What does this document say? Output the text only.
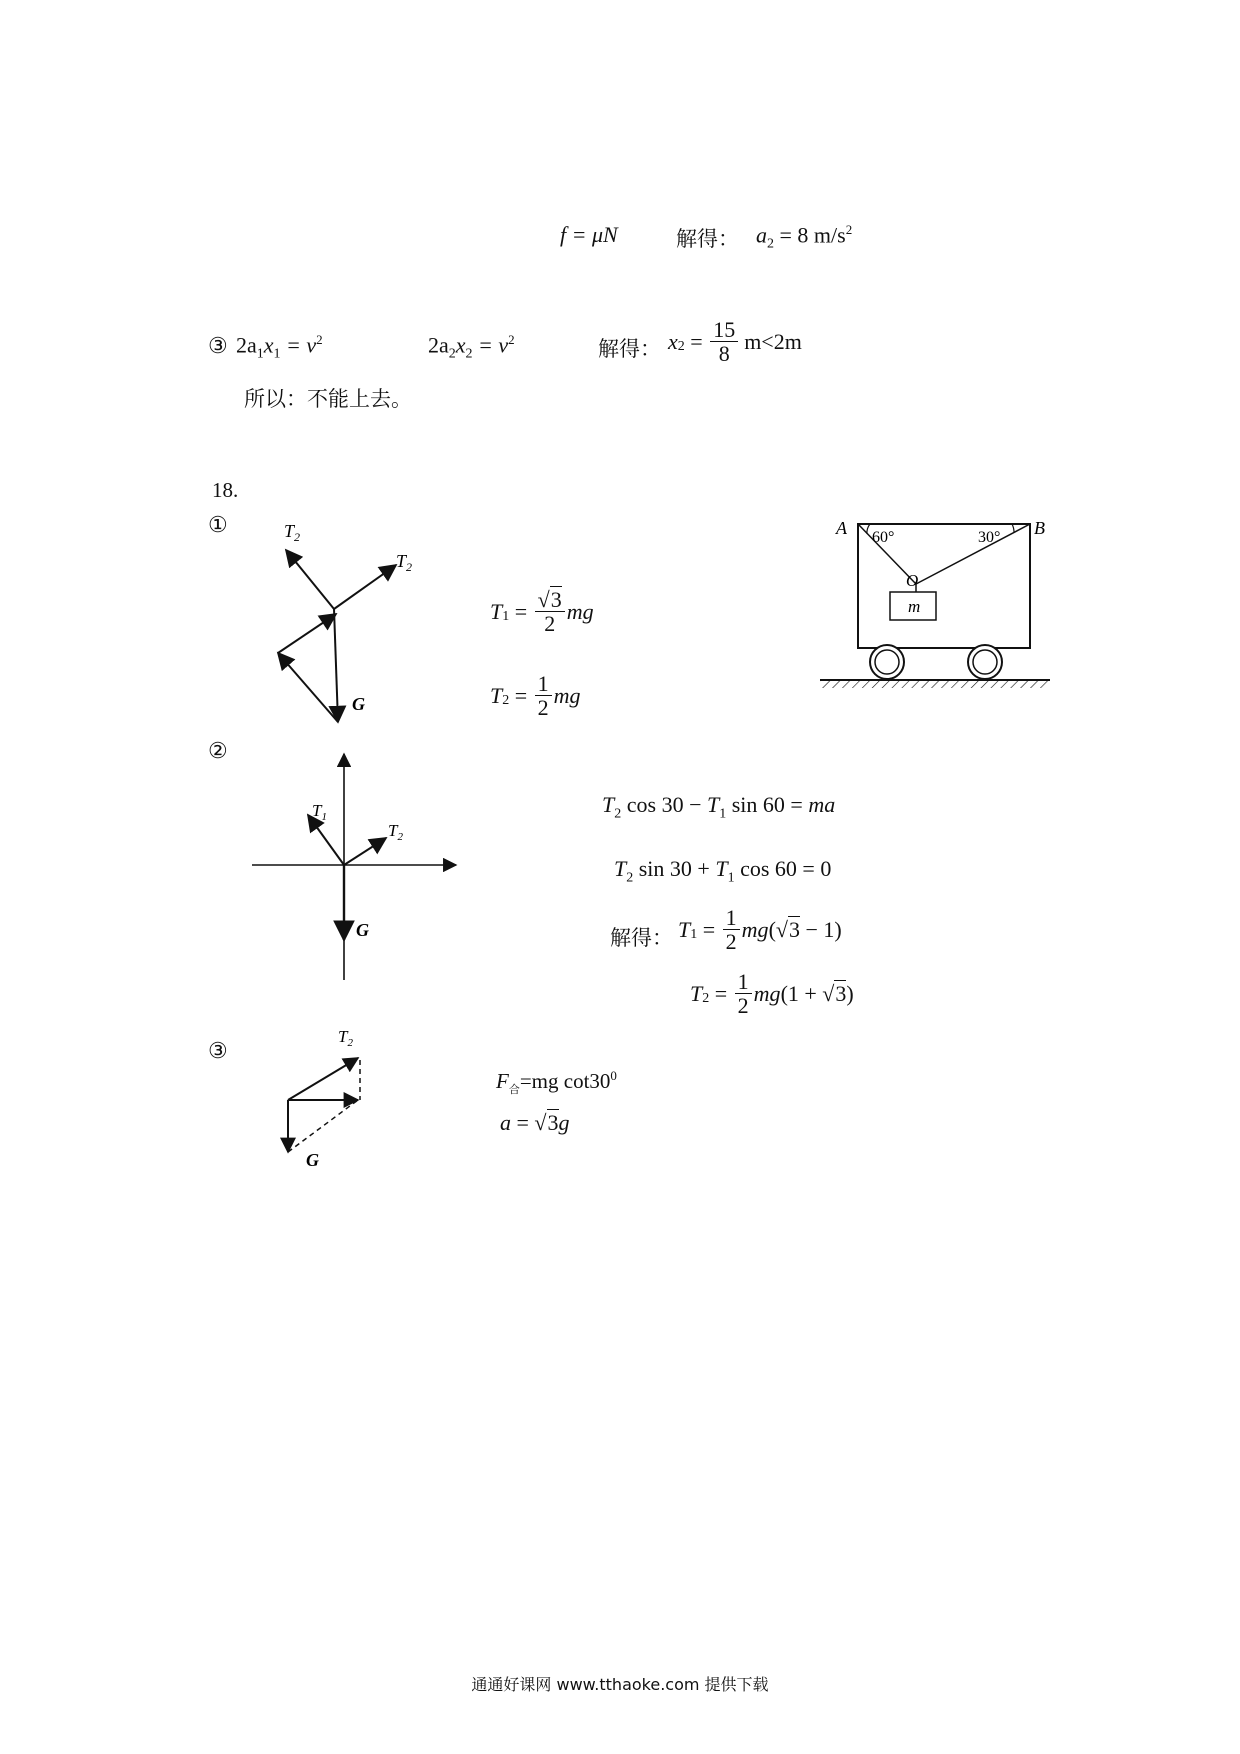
f = μN	解得： $a_2 = 8$ $m/s^2$
③ $2a_1x_1 = v^2$	$2a_2x_2 = v^2$	解得： $x_2 = \frac{15}{8} m<2m$
所以：不能上去。
18.
①	$T_2$
$T_2$
G
$T_1 = \frac{√3}{2}$ mg
$T_2 = \frac{1}{2}$ mg
A	B
60°	30°
O
m
②
$T_1$
$T_2$
G
$T_2$ $\cos 30 - T_1$ sin 60 = ma
$T_2$ $\sin 30 + T_1$ cos 60 = 0
解得： $T_1 = \frac{1}{2}$ mg ( √ 3 − 1)
$T_2 = \frac{1}{2}$ mg (1 + √ 3 )
③
$T_2$
G
$F_合=mg$ $\cot 30^0$
a = √3g
通通好课网 www.tthaoke.com 提供下载
